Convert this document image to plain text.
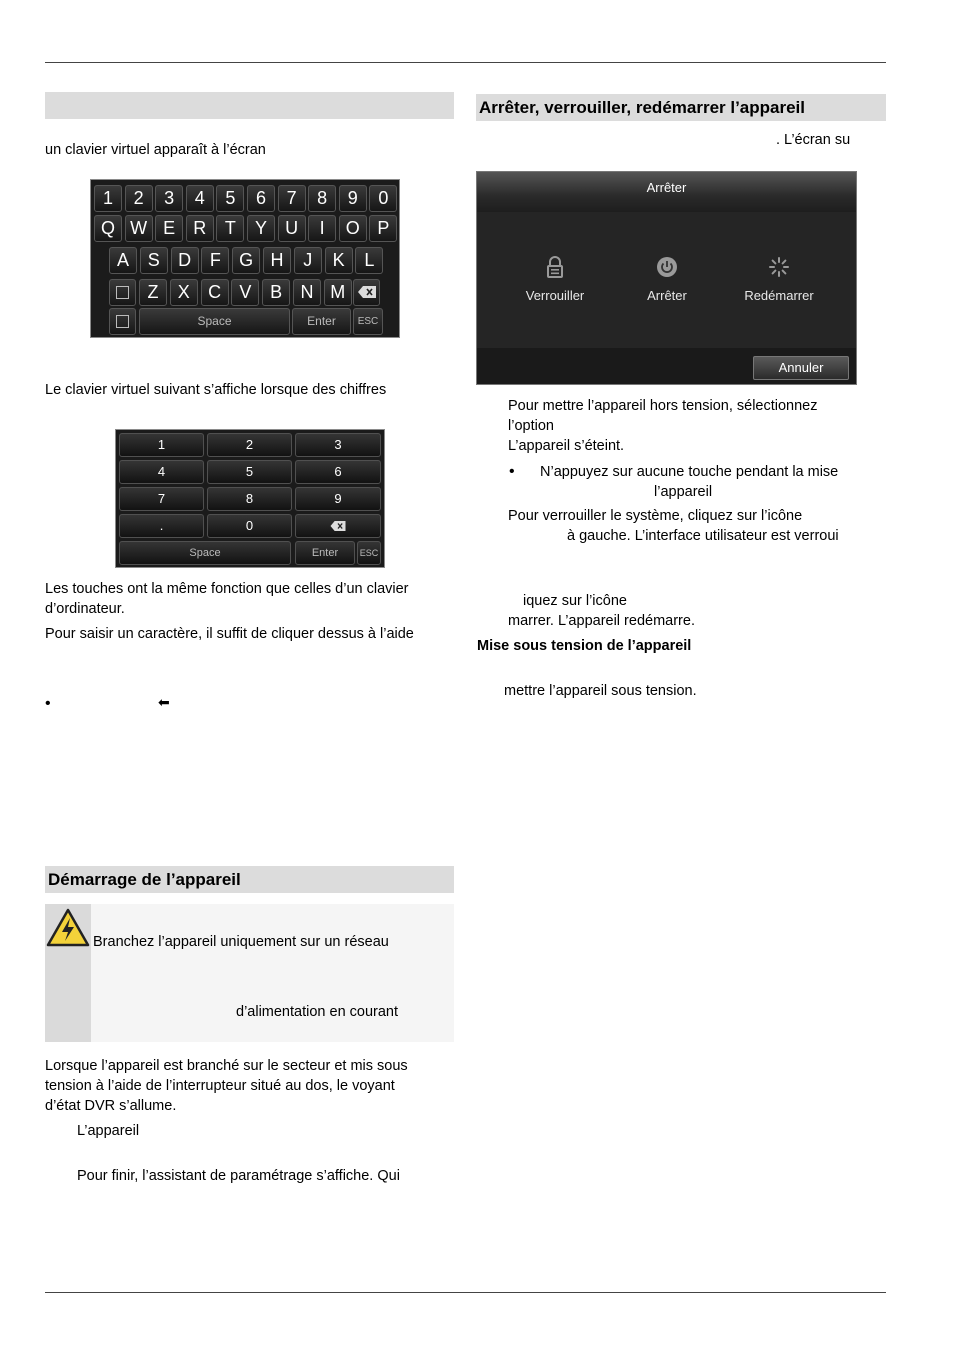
un clavier virtuel apparaît à l’écran
1	2	3	4	5	6	7	8	9	0
Q W E	R	T	Y	U	I	O P
A	S	D	F	G H	J	K	L
Z	X	C	V	B	N M
Space	Enter	ESC
Le clavier virtuel suivant s’affiche lorsque des chiffres
1	2	3
4	5	6
7	8	9
.	0
Space	Enter	ESC
Les touches ont la même fonction que celles d’un clavier
d’ordinateur.
Pour saisir un caractère, il suffit de cliquer dessus à l’aide
•	⬅
Démarrage de l’appareil
Branchez l’appareil uniquement sur un réseau
d’alimentation en courant
Lorsque l’appareil est branché sur le secteur et mis sous
tension à l’aide de l’interrupteur situé au dos, le voyant
d’état DVR s’allume.
L’appareil
Pour finir, l’assistant de paramétrage s’affiche. Qui
Arrêter, verrouiller, redémarrer l’appareil
. L’écran su
Arrêter
Verrouiller	Arrêter	Redémarrer
Annuler
Pour mettre l’appareil hors tension, sélectionnez
l’option
L’appareil s’éteint.
• N’appuyez sur aucune touche pendant la mise
l’appareil
Pour verrouiller le système, cliquez sur l’icône
à gauche. L’interface utilisateur est verroui
iquez sur l’icône
marrer. L’appareil redémarre.
Mise sous tension de l’appareil
mettre l’appareil sous tension.
